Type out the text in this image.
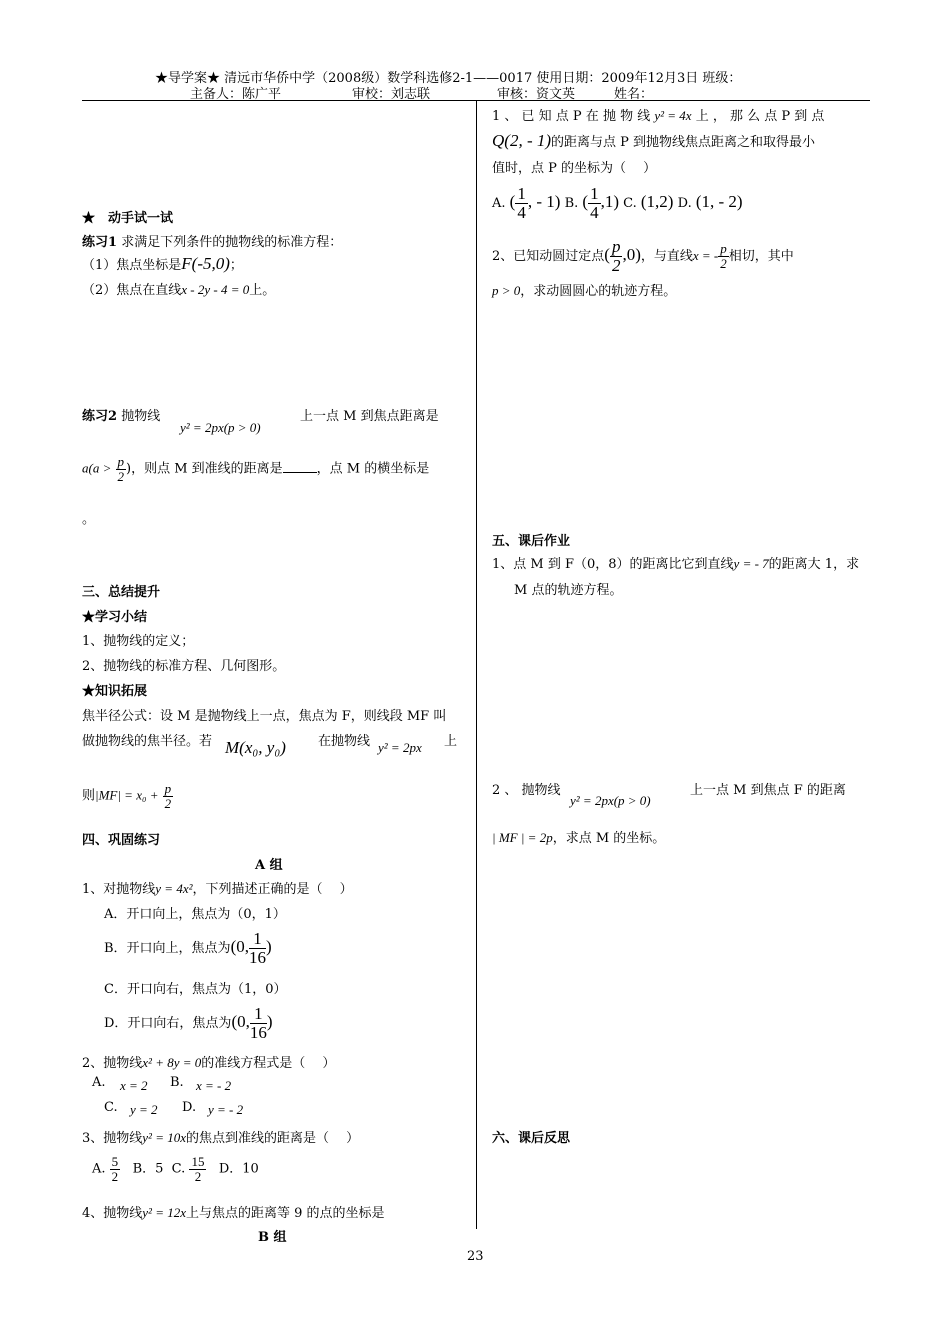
★导学案★ 清远市华侨中学（2008级）数学科选修2-1——0017 使用日期：2009年12月3日 班级：
主备人：陈广平	审校：刘志联	审核：资文英	姓名：
★　动手试一试
练习1 求满足下列条件的抛物线的标准方程：
（1）焦点坐标是F(-5,0)；
（2）焦点在直线x - 2y - 4 = 0上。
练习2 抛物线
y² = 2px(p > 0)
上一点 M 到焦点距离是
$a(a > \frac{p}{2}$ )，则点 M 到准线的距离是	，点 M 的横坐标是
。
三、总结提升
★学习小结
1、抛物线的定义；
2、抛物线的标准方程、几何图形。
★知识拓展
焦半径公式：设 M 是抛物线上一点，焦点为 F，则线段 MF 叫
做抛物线的焦半径。若 M(x₀, y₀) 在抛物线 y² = 2px 上
则$|MF| = x_0 + \frac{p}{2}$
四、巩固练习
A 组
1、对抛物线y = 4x²，下列描述正确的是（　 ）
A．开口向上，焦点为（0，1）
B．开口向上，焦点为(0, $\frac{1}{16}$ )
C．开口向右，焦点为（1，0）
D．开口向右，焦点为(0, $\frac{1}{16}$ )
2、抛物线x² + 8y = 0的准线方程式是（　 ）
A. x = 2 B. x = - 2
C. y = 2 D. y = - 2
3、抛物线y² = 10x的焦点到准线的距离是（　 ）
A. $\frac{5}{2}$ B．5 C. $\frac{15}{2}$ D．10
4、抛物线y² = 12x上与焦点的距离等 9 的点的坐标是
B 组
1 、 已 知 点 P 在 抛 物 线 y² = 4x 上 ， 那 么 点 P 到 点
Q(2, - 1)的距离与点 P 到抛物线焦点距离之和取得最小
值时，点 P 的坐标为（　 ）
A. ( $\frac{1}{4}$ , - 1) B. ( $\frac{1}{4} ,1$) C. (1,2) D. (1, - 2)
2、已知动圆过定点( $\frac{p}{2} ,0$)，与直线x = - $\frac{p}{2}$ 相切，其中
p > 0，求动圆圆心的轨迹方程。
五、课后作业
1、点 M 到 F（0，8）的距离比它到直线y = - 7的距离大 1，求
M 点的轨迹方程。
2 、 抛物线
y² = 2px(p > 0)
上一点 M 到焦点 F 的距离
| MF | = 2p，求点 M 的坐标。
六、课后反思
23
